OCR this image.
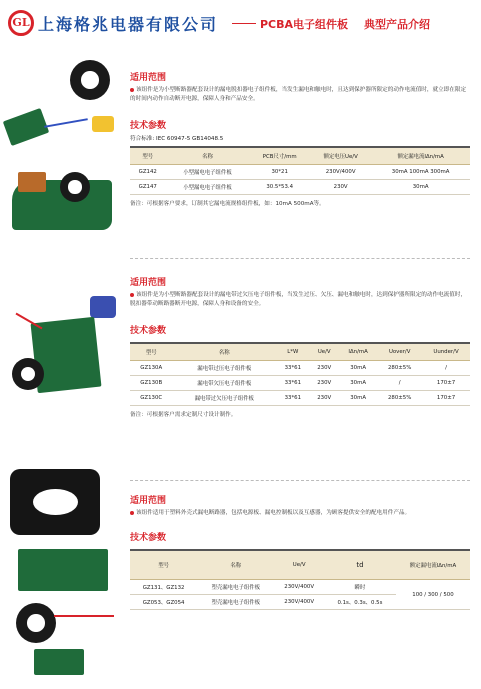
GL 上海格兆电器有限公司	PCBA电子组件板 典型产品介绍
适用范围
该组件是为小型断路器配套设计的漏电脱扣器电子组件板，当发生漏电和触电时，且达到保护器所限定的动作电流值时，就立即在限定的时间内动作自动断开电源，保障人身和产品安全。
技术参数
符合标准: IEC 60947-5 GB14048.5
型号	名称	PCB尺寸/mm	额定电压Ue/V	额定漏电流IΔn/mA
GZ142	小型漏电电子组件板	30*21	230V/400V	30mA 100mA 300mA
GZ147	小型漏电电子组件板	30.5*53.4	230V	30mA
备注：可根据客户要求，订制其它漏电流规格组件板，如：10mA 500mA等。
适用范围
该组件是为小型断路器配套设计的漏电带过欠压电子组件板，当发生过压、欠压、漏电和触电时，达到保护器所限定的动作电流值时，脱扣器带动断路器断开电源，保障人身和设备的安全。
技术参数
型号	名称	L*W	Ue/V	IΔn/mA	Uover/V	Uunder/V
GZ130A	漏电带过压电子组件板	33*61	230V	30mA	280±5%	/
GZ130B	漏电带欠压电子组件板	33*61	230V	30mA	/	170±7
GZ130C	漏电带过欠压电子组件板	33*61	230V	30mA	280±5%	170±7
备注：可根据客户需求定制尺寸设计制作。
适用范围
该组件适用于塑料外壳式漏电断路器，包括电源板、漏电控制板以及互感器，为顾客提供安全的配电用件产品。
技术参数
型号	名称	Ue/V	td	额定漏电流IΔn/mA
GZ131、GZ132	塑壳漏电电子组件板	230V/400V	瞬时	100 / 300 / 500
GZ053、GZ054	塑壳漏电电子组件板	230V/400V	0.1s、0.3s、0.5s	
